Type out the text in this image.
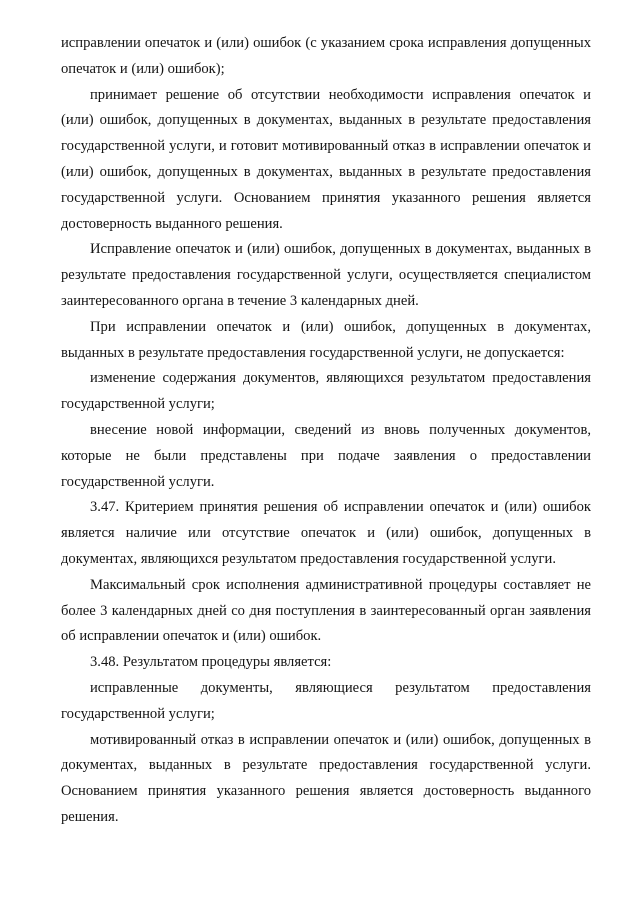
исправлении опечаток и (или) ошибок (с указанием срока исправления допущенных опечаток и (или) ошибок);

принимает решение об отсутствии необходимости исправления опечаток и (или) ошибок, допущенных в документах, выданных в результате предоставления государственной услуги, и готовит мотивированный отказ в исправлении опечаток и (или) ошибок, допущенных в документах, выданных в результате предоставления государственной услуги. Основанием принятия указанного решения является достоверность выданного решения.

Исправление опечаток и (или) ошибок, допущенных в документах, выданных в результате предоставления государственной услуги, осуществляется специалистом заинтересованного органа в течение 3 календарных дней.

При исправлении опечаток и (или) ошибок, допущенных в документах, выданных в результате предоставления государственной услуги, не допускается:

изменение содержания документов, являющихся результатом предоставления государственной услуги;

внесение новой информации, сведений из вновь полученных документов, которые не были представлены при подаче заявления о предоставлении государственной услуги.

3.47. Критерием принятия решения об исправлении опечаток и (или) ошибок является наличие или отсутствие опечаток и (или) ошибок, допущенных в документах, являющихся результатом предоставления государственной услуги.

Максимальный срок исполнения административной процедуры составляет не более 3 календарных дней со дня поступления в заинтересованный орган заявления об исправлении опечаток и (или) ошибок.

3.48. Результатом процедуры является:

исправленные документы, являющиеся результатом предоставления государственной услуги;

мотивированный отказ в исправлении опечаток и (или) ошибок, допущенных в документах, выданных в результате предоставления государственной услуги. Основанием принятия указанного решения является достоверность выданного решения.
